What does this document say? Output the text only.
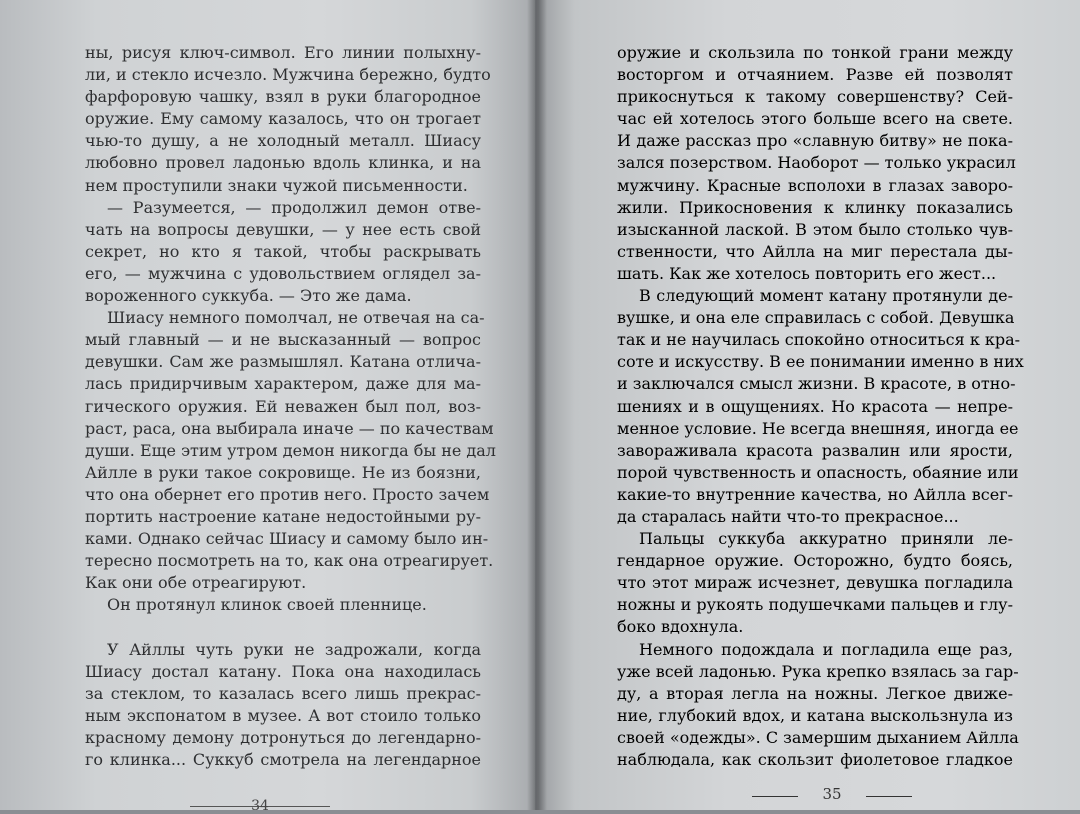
ны, рисуя ключ-символ. Его линии полыхну-
ли, и стекло исчезло. Мужчина бережно, будто
фарфоровую чашку, взял в руки благородное
оружие. Ему самому казалось, что он трогает
чью-то душу, а не холодный металл. Шиасу
любовно провел ладонью вдоль клинка, и на
нем проступили знаки чужой письменности.
— Разумеется, — продолжил демон отве-
чать на вопросы девушки, — у нее есть свой
секрет, но кто я такой, чтобы раскрывать
его, — мужчина с удовольствием оглядел за-
вороженного суккуба. — Это же дама.
Шиасу немного помолчал, не отвечая на са-
мый главный — и не высказанный — вопрос
девушки. Сам же размышлял. Катана отлича-
лась придирчивым характером, даже для ма-
гического оружия. Ей неважен был пол, воз-
раст, раса, она выбирала иначе — по качествам
души. Еще этим утром демон никогда бы не дал
Айлле в руки такое сокровище. Не из боязни,
что она обернет его против него. Просто зачем
портить настроение катане недостойными ру-
ками. Однако сейчас Шиасу и самому было ин-
тересно посмотреть на то, как она отреагирует.
Как они обе отреагируют.
Он протянул клинок своей пленнице.
У Айллы чуть руки не задрожали, когда
Шиасу достал катану. Пока она находилась
за стеклом, то казалась всего лишь прекрас-
ным экспонатом в музее. А вот стоило только
красному демону дотронуться до легендарно-
го клинка... Суккуб смотрела на легендарное
34
оружие и скользила по тонкой грани между
восторгом и отчаянием. Разве ей позволят
прикоснуться к такому совершенству? Сей-
час ей хотелось этого больше всего на свете.
И даже рассказ про «славную битву» не пока-
зался позерством. Наоборот — только украсил
мужчину. Красные всполохи в глазах заворо-
жили. Прикосновения к клинку показались
изысканной лаской. В этом было столько чув-
ственности, что Айлла на миг перестала ды-
шать. Как же хотелось повторить его жест...
В следующий момент катану протянули де-
вушке, и она еле справилась с собой. Девушка
так и не научилась спокойно относиться к кра-
соте и искусству. В ее понимании именно в них
и заключался смысл жизни. В красоте, в отно-
шениях и в ощущениях. Но красота — непре-
менное условие. Не всегда внешняя, иногда ее
завораживала красота развалин или ярости,
порой чувственность и опасность, обаяние или
какие-то внутренние качества, но Айлла всег-
да старалась найти что-то прекрасное...
Пальцы суккуба аккуратно приняли ле-
гендарное оружие. Осторожно, будто боясь,
что этот мираж исчезнет, девушка погладила
ножны и рукоять подушечками пальцев и глу-
боко вдохнула.
Немного подождала и погладила еще раз,
уже всей ладонью. Рука крепко взялась за гар-
ду, а вторая легла на ножны. Легкое движе-
ние, глубокий вдох, и катана выскользнула из
своей «одежды». С замершим дыханием Айлла
наблюдала, как скользит фиолетовое гладкое
35
